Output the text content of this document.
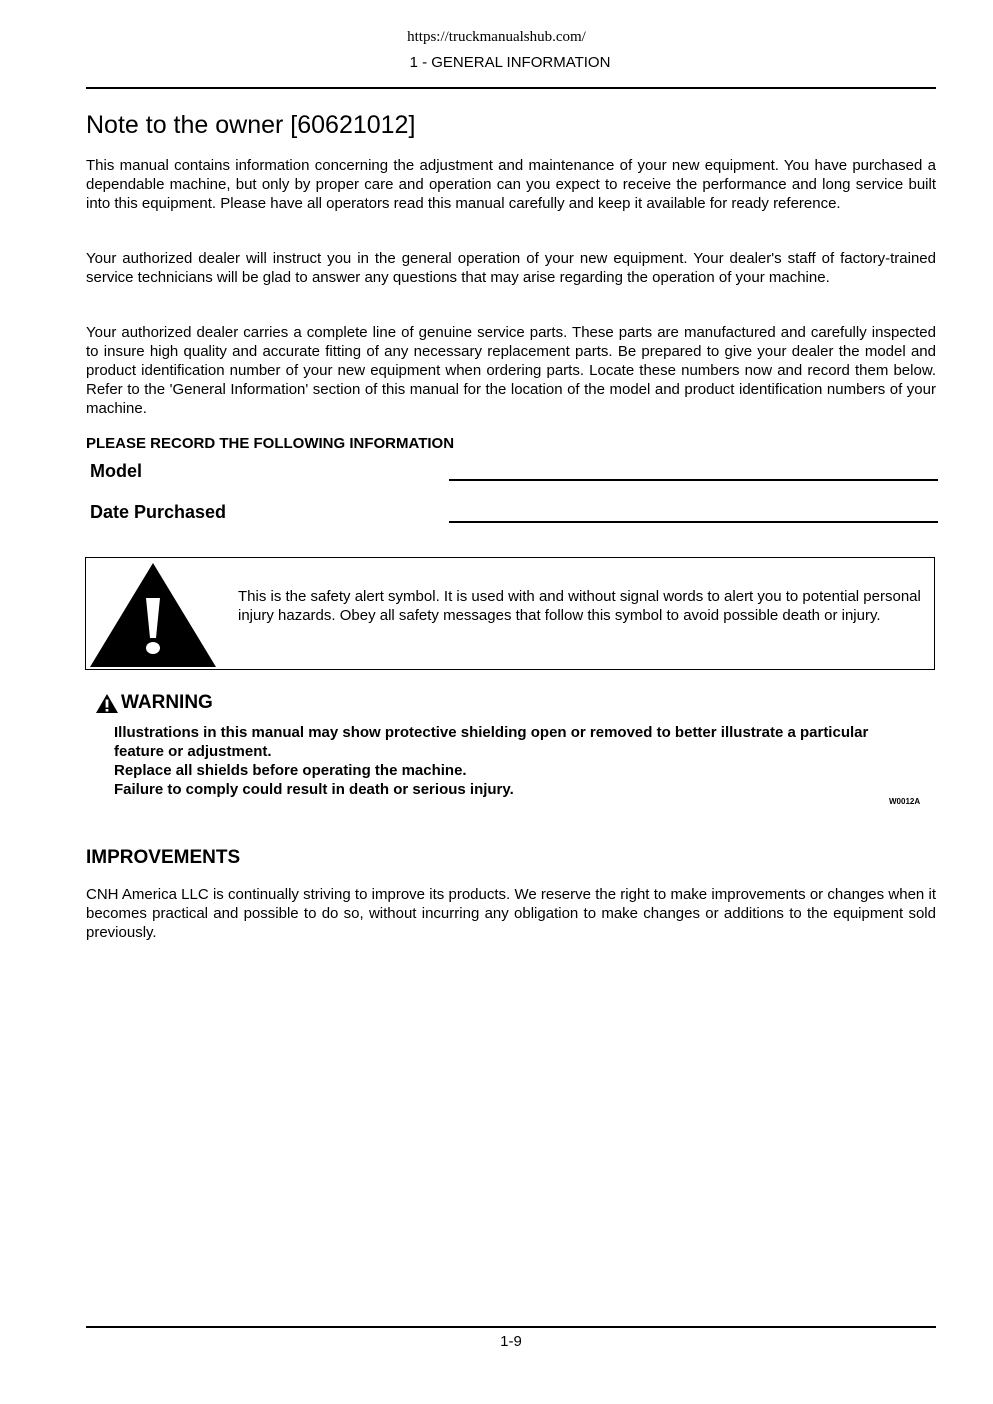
https://truckmanualshub.com/
1 - GENERAL INFORMATION
Note to the owner [60621012]

This manual contains information concerning the adjustment and maintenance of your new equipment. You have purchased a dependable machine, but only by proper care and operation can you expect to receive the performance and long service built into this equipment. Please have all operators read this manual carefully and keep it available for ready reference.

Your authorized dealer will instruct you in the general operation of your new equipment. Your dealer's staff of factory-trained service technicians will be glad to answer any questions that may arise regarding the operation of your machine.

Your authorized dealer carries a complete line of genuine service parts. These parts are manufactured and carefully inspected to insure high quality and accurate fitting of any necessary replacement parts. Be prepared to give your dealer the model and product identification number of your new equipment when ordering parts. Locate these numbers now and record them below. Refer to the 'General Information' section of this manual for the location of the model and product identification numbers of your machine.

PLEASE RECORD THE FOLLOWING INFORMATION
Model
Date Purchased
This is the safety alert symbol. It is used with and without signal words to alert you to potential personal injury hazards. Obey all safety messages that follow this symbol to avoid possible death or injury.
WARNING
Illustrations in this manual may show protective shielding open or removed to better illustrate a particular feature or adjustment.
Replace all shields before operating the machine.
Failure to comply could result in death or serious injury.
W0012A
IMPROVEMENTS

CNH America LLC is continually striving to improve its products. We reserve the right to make improvements or changes when it becomes practical and possible to do so, without incurring any obligation to make changes or additions to the equipment sold previously.

1-9
